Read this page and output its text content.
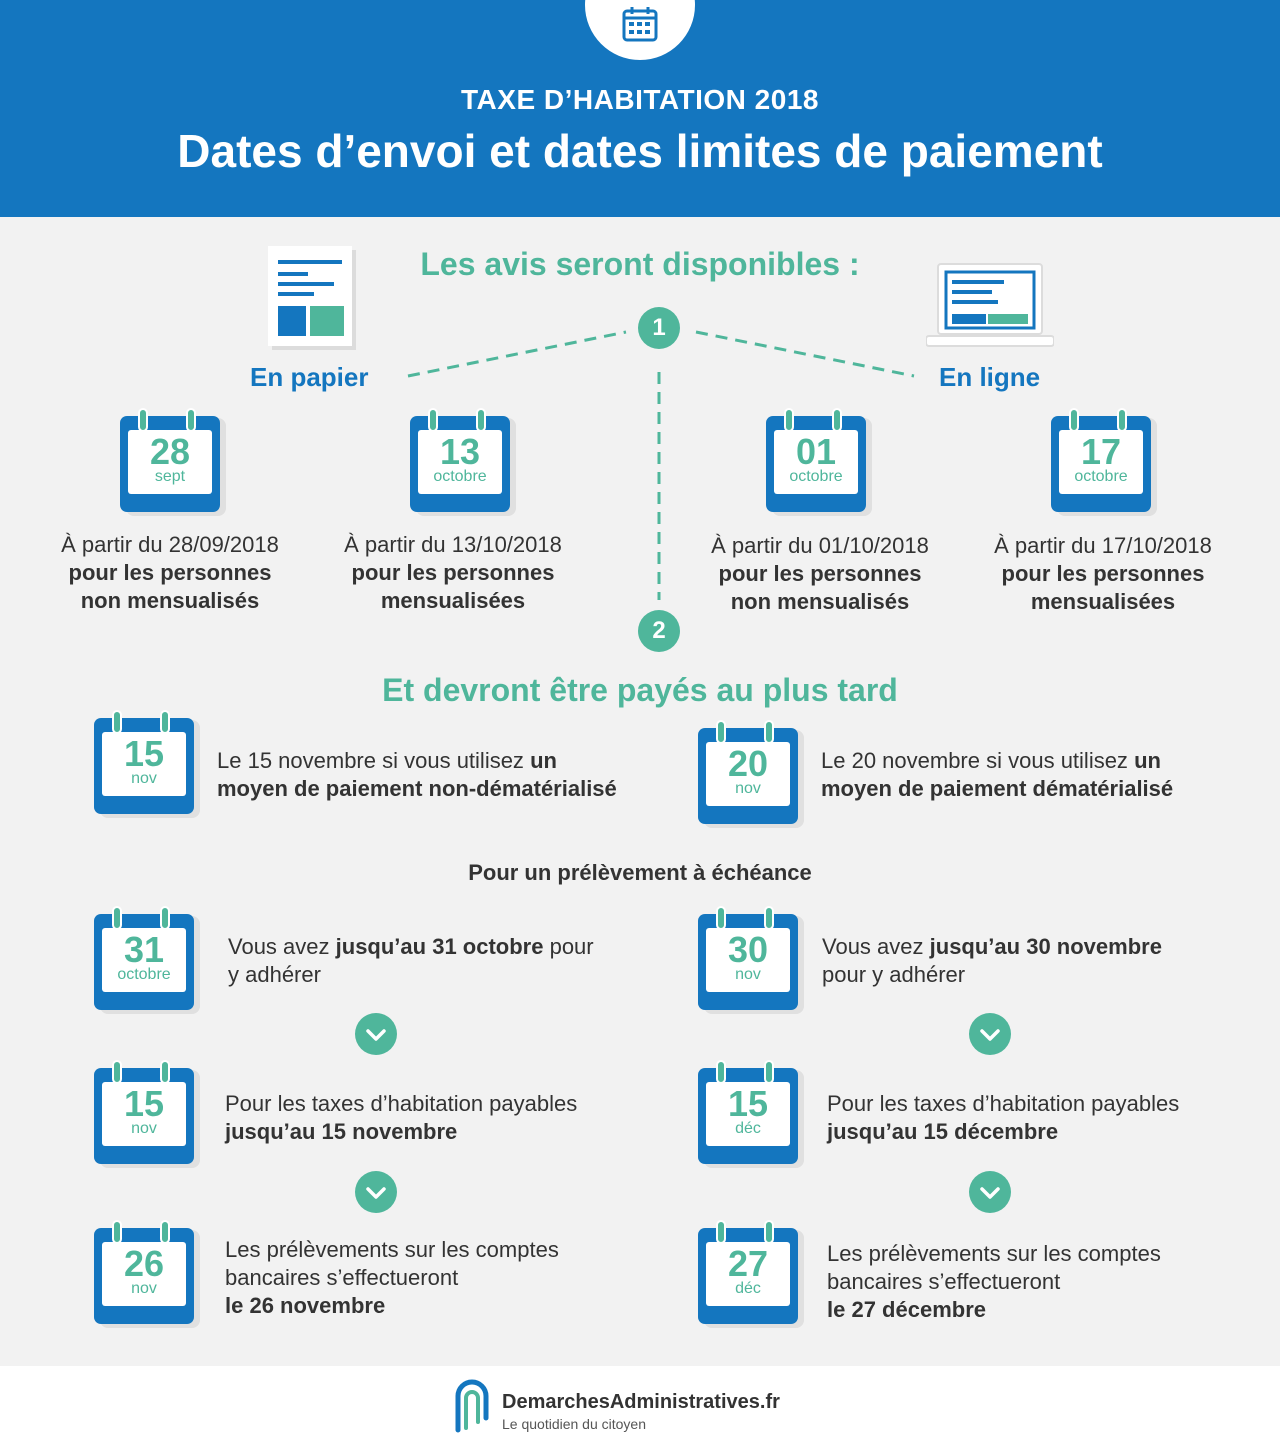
TAXE D’HABITATION 2018
Dates d’envoi et dates limites de paiement
Les avis seront disponibles :
1
2
En papier	En ligne
28
sept
13
octobre
01
octobre
17
octobre
À partir du 28/09/2018
pour les personnes
non mensualisés
À partir du 13/10/2018
pour les personnes
mensualisées
À partir du 01/10/2018
pour les personnes
non mensualisés
À partir du 17/10/2018
pour les personnes
mensualisées
Et devront être payés au plus tard
15
nov
Le 15 novembre si vous utilisez un
moyen de paiement non-dématérialisé
20
nov
Le 20 novembre si vous utilisez un
moyen de paiement dématérialisé
Pour un prélèvement à échéance
31
octobre
Vous avez jusqu’au 31 octobre pour
y adhérer
15
nov
Pour les taxes d’habitation payables
jusqu’au 15 novembre
26
nov
Les prélèvements sur les comptes
bancaires s’effectueront
le 26 novembre
30
nov
Vous avez jusqu’au 30 novembre
pour y adhérer
15
déc
Pour les taxes d’habitation payables
jusqu’au 15 décembre
27
déc
Les prélèvements sur les comptes
bancaires s’effectueront
le 27 décembre
DemarchesAdministratives.fr
Le quotidien du citoyen
